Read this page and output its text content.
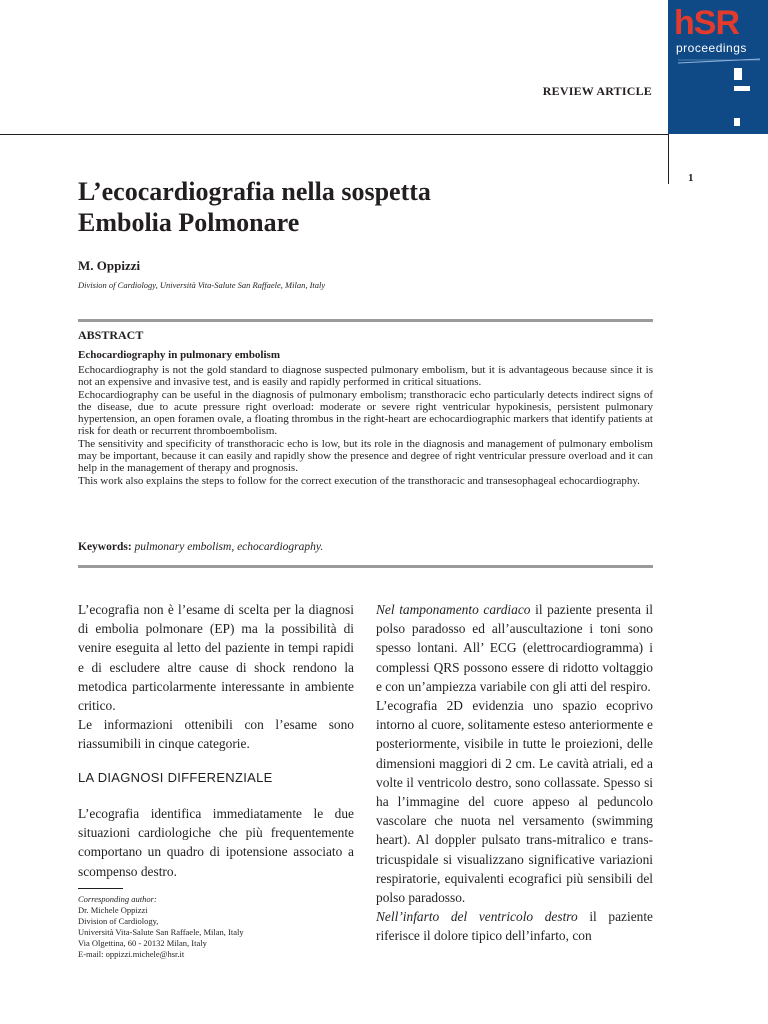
hSR
proceedings
REVIEW ARTICLE
1
L’ecocardiografia nella sospetta
Embolia Polmonare
M. Oppizzi
Division of Cardiology, Università Vita-Salute San Raffaele, Milan, Italy
ABSTRACT
Echocardiography in pulmonary embolism

Echocardiography is not the gold standard to diagnose suspected pulmonary embolism, but it is advantageous because since it is not an expensive and invasive test, and is easily and rapidly performed in critical situations.

Echocardiography can be useful in the diagnosis of pulmonary embolism; transthoracic echo particularly detects indirect signs of the disease, due to acute pressure right overload: moderate or severe right ventricular hypokinesis, persistent pulmonary hypertension, an open foramen ovale, a floating thrombus in the right-heart are echocardiographic markers that identify patients at risk for death or recurrent thromboembolism.

The sensitivity and specificity of transthoracic echo is low, but its role in the diagnosis and management of pulmonary embolism may be important, because it can easily and rapidly show the presence and degree of right ventricular pressure overload and it can help in the management of therapy and prognosis.

This work also explains the steps to follow for the correct execution of the transthoracic and transesophageal echocardiography.

Keywords: pulmonary embolism, echocardiography.

L’ecografia non è l’esame di scelta per la diagnosi di embolia polmonare (EP) ma la possibilità di venire eseguita al letto del paziente in tempi rapidi e di escludere altre cause di shock rendono la metodica particolarmente interessante in ambiente critico.

Le informazioni ottenibili con l’esame sono riassumibili in cinque categorie.

LA DIAGNOSI DIFFERENZIALE

L’ecografia identifica immediatamente le due situazioni cardiologiche che più frequentemente comportano un quadro di ipotensione associato a scompenso destro.

Corresponding author:
Dr. Michele Oppizzi
Division of Cardiology,
Università Vita-Salute San Raffaele, Milan, Italy
Via Olgettina, 60 - 20132 Milan, Italy
E-mail: oppizzi.michele@hsr.it

Nel tamponamento cardiaco il paziente presenta il polso paradosso ed all’auscultazione i toni sono spesso lontani. All’ ECG (elettrocardiogramma) i complessi QRS possono essere di ridotto voltaggio e con un’ampiezza variabile con gli atti del respiro.

L’ecografia 2D evidenzia uno spazio ecoprivo intorno al cuore, solitamente esteso anteriormente e posteriormente, visibile in tutte le proiezioni, delle dimensioni maggiori di 2 cm. Le cavità atriali, ed a volte il ventricolo destro, sono collassate. Spesso si ha l’immagine del cuore appeso al peduncolo vascolare che nuota nel versamento (swimming heart). Al doppler pulsato trans-mitralico e trans-tricuspidale si visualizzano significative variazioni respiratorie, equivalenti ecografici più sensibili del polso paradosso.

Nell’infarto del ventricolo destro il paziente riferisce il dolore tipico dell’infarto, con
